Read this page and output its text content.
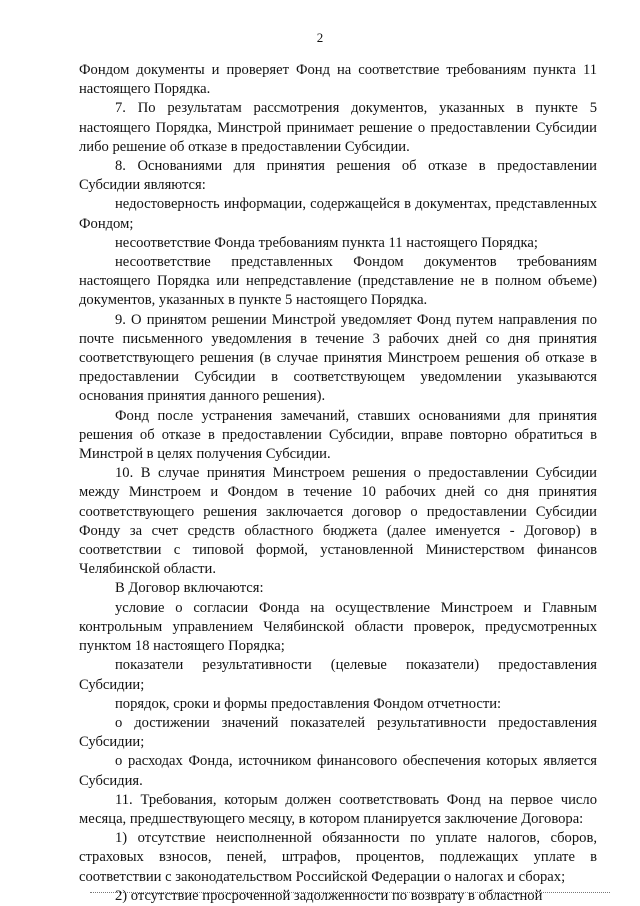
2

Фондом документы и проверяет Фонд на соответствие требованиям пункта 11 настоящего Порядка.

7. По результатам рассмотрения документов, указанных в пункте 5 настоящего Порядка, Минстрой принимает решение о предоставлении Субсидии либо решение об отказе в предоставлении Субсидии.

8. Основаниями для принятия решения об отказе в предоставлении Субсидии являются:

недостоверность информации, содержащейся в документах, представленных Фондом;

несоответствие Фонда требованиям пункта 11 настоящего Порядка;

несоответствие представленных Фондом документов требованиям настоящего Порядка или непредставление (представление не в полном объеме) документов, указанных в пункте 5 настоящего Порядка.

9. О принятом решении Минстрой уведомляет Фонд путем направления по почте письменного уведомления в течение 3 рабочих дней со дня принятия соответствующего решения (в случае принятия Минстроем решения об отказе в предоставлении Субсидии в соответствующем уведомлении указываются основания принятия данного решения).

Фонд после устранения замечаний, ставших основаниями для принятия решения об отказе в предоставлении Субсидии, вправе повторно обратиться в Минстрой в целях получения Субсидии.

10. В случае принятия Минстроем решения о предоставлении Субсидии между Минстроем и Фондом в течение 10 рабочих дней со дня принятия соответствующего решения заключается договор о предоставлении Субсидии Фонду за счет средств областного бюджета (далее именуется - Договор) в соответствии с типовой формой, установленной Министерством финансов Челябинской области.

В Договор включаются:

условие о согласии Фонда на осуществление Минстроем и Главным контрольным управлением Челябинской области проверок, предусмотренных пунктом 18 настоящего Порядка;

показатели результативности (целевые показатели) предоставления Субсидии;

порядок, сроки и формы предоставления Фондом отчетности:

о достижении значений показателей результативности предоставления Субсидии;

о расходах Фонда, источником финансового обеспечения которых является Субсидия.

11. Требования, которым должен соответствовать Фонд на первое число месяца, предшествующего месяцу, в котором планируется заключение Договора:

1) отсутствие неисполненной обязанности по уплате налогов, сборов, страховых взносов, пеней, штрафов, процентов, подлежащих уплате в соответствии с законодательством Российской Федерации о налогах и сборах;

2) отсутствие просроченной задолженности по возврату в областной
